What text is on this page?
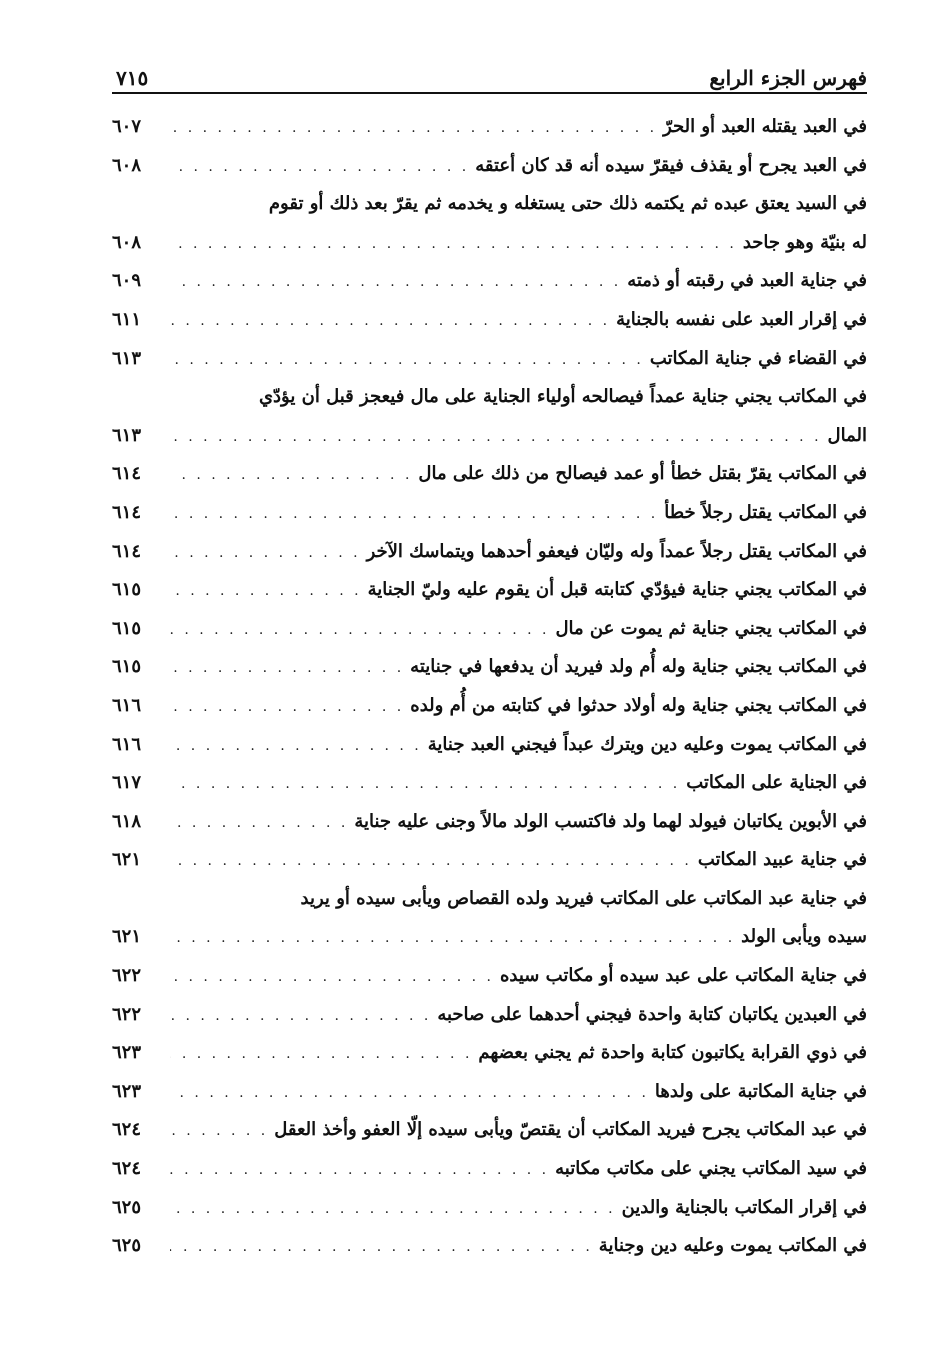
فهرس الجزء الرابع
٧١٥
في العبد يقتله العبد أو الحرّ
. . .
٦٠٧
في العبد يجرح أو يقذف فيقرّ سيده أنه قد كان أعتقه
. . .
٦٠٨
في السيد يعتق عبده ثم يكتمه ذلك حتى يستغله و يخدمه ثم يقرّ بعد ذلك أو تقوم
له بنيّة وهو جاحد
. . .
٦٠٨
في جناية العبد في رقبته أو ذمته
. . .
٦٠٩
في إقرار العبد على نفسه بالجناية
. . .
٦١١
في القضاء في جناية المكاتب
. . .
٦١٣
في المكاتب يجني جناية عمداً فيصالحه أولياء الجناية على مال فيعجز قبل أن يؤدّي
المال
. . .
٦١٣
في المكاتب يقرّ بقتل خطأ أو عمد فيصالح من ذلك على مال
. . .
٦١٤
في المكاتب يقتل رجلاً خطأ
. . .
٦١٤
في المكاتب يقتل رجلاً عمداً وله وليّان فيعفو أحدهما ويتماسك الآخر
. . .
٦١٤
في المكاتب يجني جناية فيؤدّي كتابته قبل أن يقوم عليه وليّ الجناية
. . .
٦١٥
في المكاتب يجني جناية ثم يموت عن مال
. . .
٦١٥
في المكاتب يجني جناية وله أُم ولد فيريد أن يدفعها في جنايته
. . .
٦١٥
في المكاتب يجني جناية وله أولاد حدثوا في كتابته من أُم ولده
. . .
٦١٦
في المكاتب يموت وعليه دين ويترك عبداً فيجني العبد جناية
. . .
٦١٦
في الجناية على المكاتب
. . .
٦١٧
في الأبوين يكاتبان فيولد لهما ولد فاكتسب الولد مالاً وجنى عليه جناية
. . .
٦١٨
في جناية عبيد المكاتب
. . .
٦٢١
في جناية عبد المكاتب على المكاتب فيريد ولده القصاص ويأبى سيده أو يريد
سيده ويأبى الولد
. . .
٦٢١
في جناية المكاتب على عبد سيده أو مكاتب سيده
. . .
٦٢٢
في العبدين يكاتبان كتابة واحدة فيجني أحدهما على صاحبه
. . .
٦٢٢
في ذوي القرابة يكاتبون كتابة واحدة ثم يجني بعضهم
. . .
٦٢٣
في جناية المكاتبة على ولدها
. . .
٦٢٣
في عبد المكاتب يجرح فيريد المكاتب أن يقتصّ ويأبى سيده إلّا العفو وأخذ العقل
. . .
٦٢٤
في سيد المكاتب يجني على مكاتب مكاتبه
. . .
٦٢٤
في إقرار المكاتب بالجناية والدين
. . .
٦٢٥
في المكاتب يموت وعليه دين وجناية
. . .
٦٢٥
